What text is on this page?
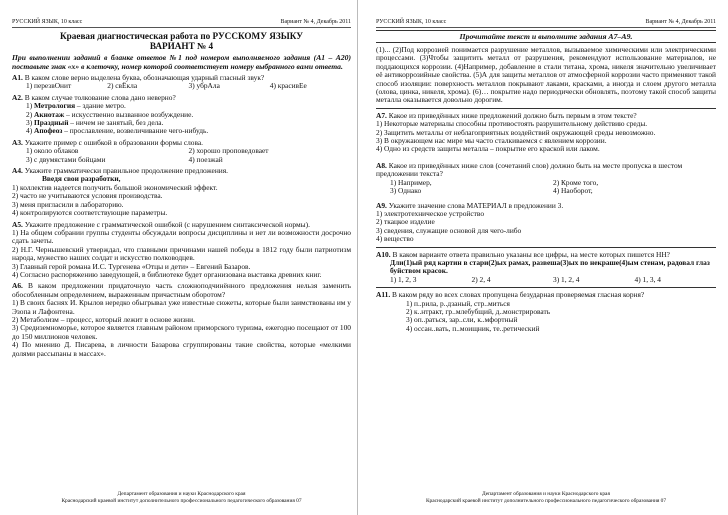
РУССКИЙ ЯЗЫК, 10 класс	Вариант № 4, Декабрь 2011
Краевая диагностическая работа по РУССКОМУ ЯЗЫКУ
ВАРИАНТ № 4
При выполнении заданий в бланке ответов №1 под номером выполняемого задания (А1 – А20) поставьте знак «х» в клеточку, номер которой соответствует номеру выбранного вами ответа.
А1. В каком слове верно выделена буква, обозначающая ударный гласный звук?
1) перезвОнит	2) свЁкла	3) убрАла	4) красивЕе
А2. В каком случае толкование слова дано неверно?
1) Метрология – здание метро.
2) Акнотаж – искусственно вызванное возбуждение.
3) Праздный – ничем не занятый, без дела.
4) Апофеоз – прославление, возвеличивание чего-нибудь.
А3. Укажите пример с ошибкой в образовании формы слова.
1) около облаков	2) хорошо проповедовает
3) с двумястами бойцами	4) поезжай
А4. Укажите грамматически правильное продолжение предложения.
Введя свои разработки,
1) коллектив надеется получить большой экономический эффект.
2) часто не учитываются условия производства.
3) меня пригласили в лабораторию.
4) контролируются соответствующие параметры.
А5. Укажите предложение с грамматической ошибкой (с нарушением синтаксической нормы).
1) На общем собрании группы студенты обсуждали вопросы дисциплины и нет ли возможности досрочно сдать зачеты.
2) Н.Г. Чернышевский утверждал, что главными причинами нашей победы в 1812 году были патриотизм народа, мужество наших солдат и искусство полководцев.
3) Главный герой романа И.С. Тургенева «Отцы и дети» – Евгений Базаров.
4) Согласно распоряжению заведующей, в библиотеке будет организована выставка древних книг.
А6. В каком предложении придаточную часть сложноподчинённого предложения нельзя заменить обособленным определением, выраженным причастным оборотом?
1) В своих баснях И. Крылов нередко обыгрывал уже известные сюжеты, которые были заимствованы им у Эзопа и Лафонтена.
2) Метаболизм – процесс, который лежит в основе жизни.
3) Средиземноморье, которое является главным районом приморского туризма, ежегодно посещают от 100 до 150 миллионов человек.
4) По мнению Д. Писарева, в личности Базарова сгруппированы такие свойства, которые «мелкими долями рассыпаны в массах».
Департамент образования и науки Краснодарского края
Краснодарский краевой институт дополнительного профессионального педагогического образования 07
РУССКИЙ ЯЗЫК, 10 класс	Вариант № 4, Декабрь 2011
Прочитайте текст и выполните задания А7–А9.
(1)... (2)Под коррозией понимается разрушение металлов, вызываемое химическими или электрическими процессами. (3)Чтобы защитить металл от разрушения, рекомендуют использование материалов, не поддающихся коррозии. (4)Например, добавление в стали титана, хрома, никеля значительно увеличивает её антикоррозийные свойства. (5)А для защиты металлов от атмосферной коррозии часто применяют такой способ изоляции: поверхность металлов покрывают лаками, красками, а иногда и слоем другого металла (олова, цинка, никеля, хрома). (6)… покрытие надо периодически обновлять, поэтому такой способ защиты металла оказывается довольно дорогим.
А7. Какое из приведённых ниже предложений должно быть первым в этом тексте?
1) Некоторые материалы способны противостоять разрушительному действию среды.
2) Защитить металлы от неблагоприятных воздействий окружающей среды невозможно.
3) В окружающем нас мире мы часто сталкиваемся с явлением коррозии.
4) Одно из средств защиты металла – покрытие его краской или лаком.
А8. Какое из приведённых ниже слов (сочетаний слов) должно быть на месте пропуска в шестом предложении текста?
1) Например,	2) Кроме того,
3) Однако	4) Наоборот,
А9. Укажите значение слова МАТЕРИАЛ в предложении 3.
1) электротехническое устройство
2) ткацкое изделие
3) сведения, служащие основой для чего-либо
4) вещество
А10. В каком варианте ответа правильно указаны все цифры, на месте которых пишется НН?
Дли(1)ый ряд картин в стари(2)ых рамах, развеша(3)ых по некраше(4)ым стенам, радовал глаз буйством красок.
1) 1, 2, 3	2) 2, 4	3) 1, 2, 4	4) 1, 3, 4
А11. В каком ряду во всех словах пропущена безударная проверяемая гласная корня?
1) п..рила, р..дзаный, стр..миться
2) к..нтракт, гр..млебубщий, д..монстрировать
3) оп..раться, зар..сли, к..мфортный
4) оссан..вать, п..моищник, те..ретический
Департамент образования и науки Краснодарского края
Краснодарский краевой институт дополнительного профессионального педагогического образования 07
